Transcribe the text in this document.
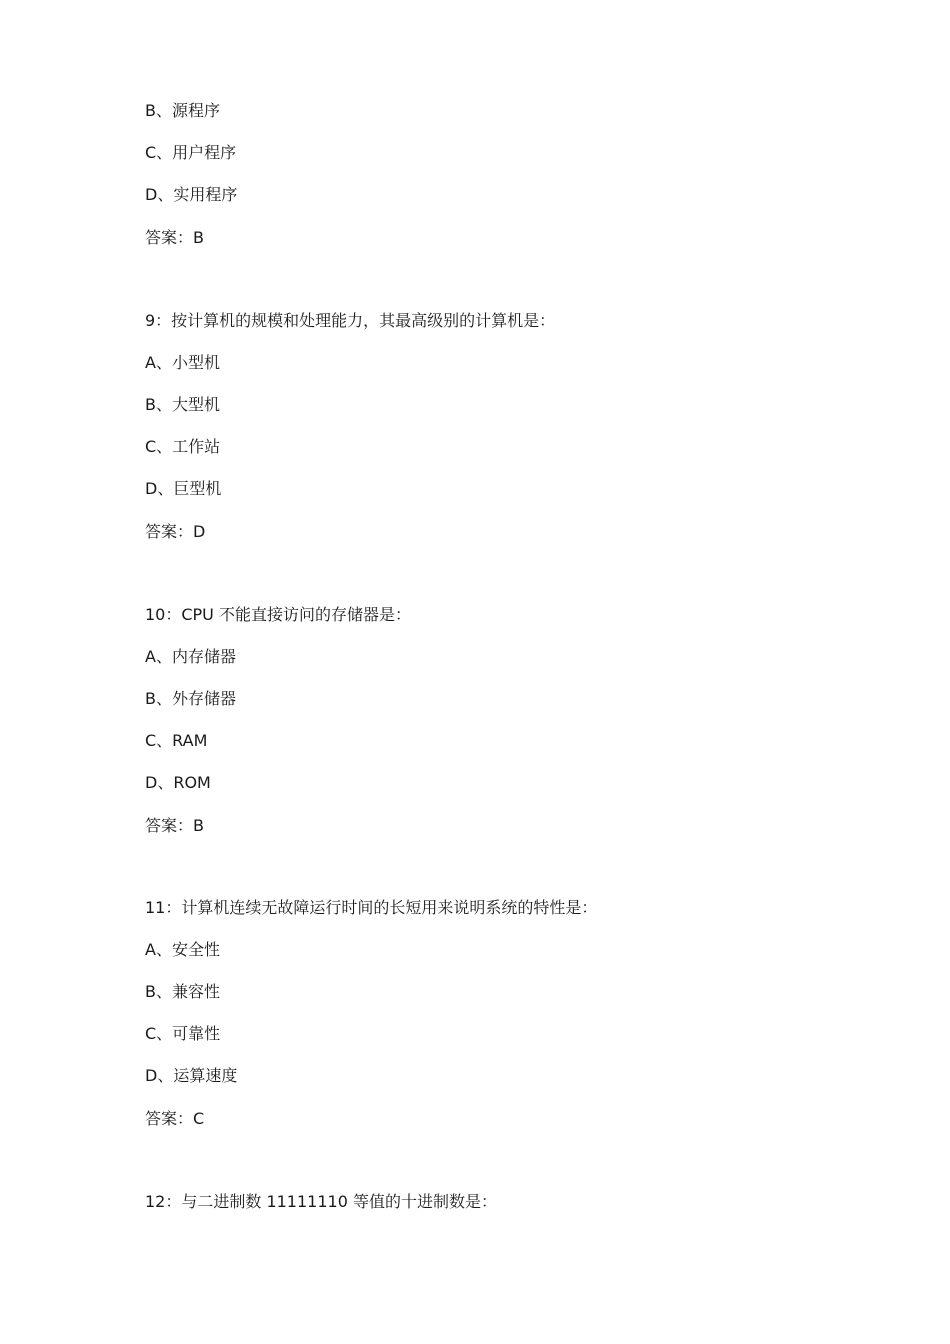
B、源程序
C、用户程序
D、实用程序
答案：B
9：按计算机的规模和处理能力，其最高级别的计算机是：
A、小型机
B、大型机
C、工作站
D、巨型机
答案：D
10：CPU 不能直接访问的存储器是：
A、内存储器
B、外存储器
C、RAM
D、ROM
答案：B
11：计算机连续无故障运行时间的长短用来说明系统的特性是：
A、安全性
B、兼容性
C、可靠性
D、运算速度
答案：C
12：与二进制数 11111110 等值的十进制数是：
